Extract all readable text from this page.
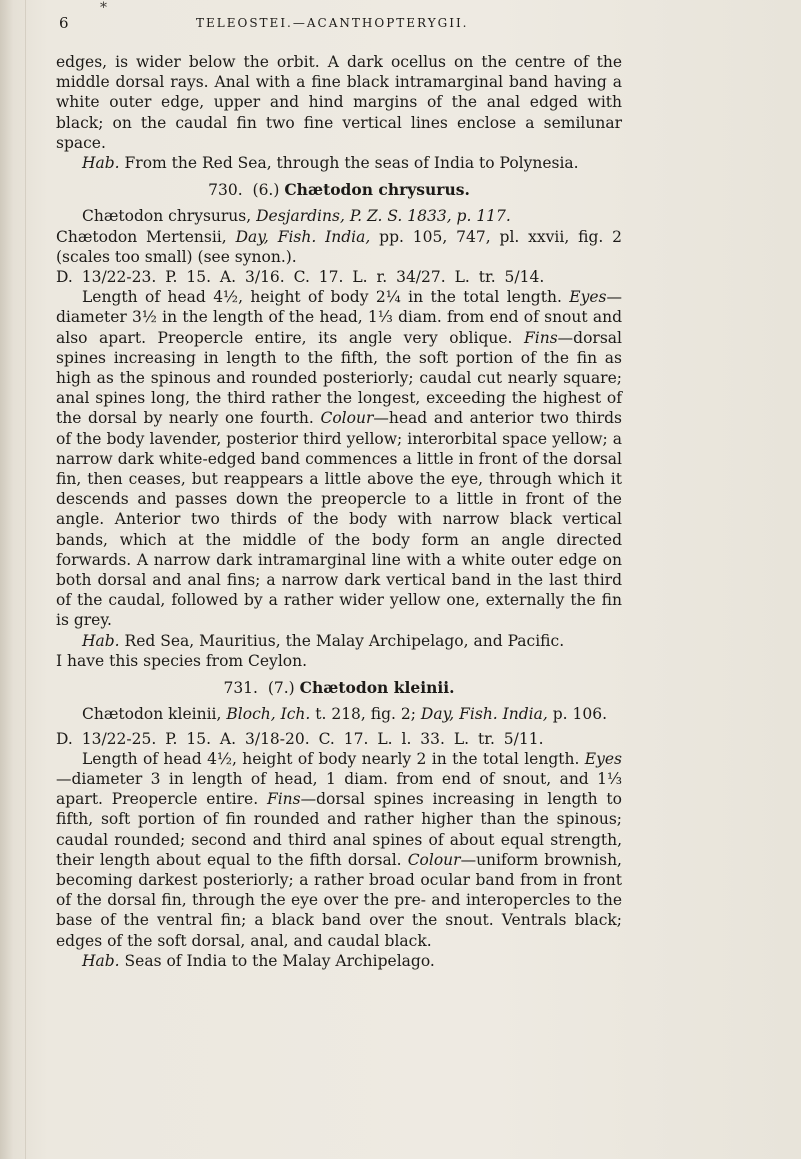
*
6	TELEOSTEI.—ACANTHOPTERYGII.

edges, is wider below the orbit. A dark ocellus on the centre of the middle dorsal rays. Anal with a fine black intramarginal band having a white outer edge, upper and hind margins of the anal edged with black; on the caudal fin two fine vertical lines enclose a semilunar space.

Hab. From the Red Sea, through the seas of India to Polynesia.

730. (6.) Chætodon chrysurus.

Chætodon chrysurus, Desjardins, P. Z. S. 1833, p. 117.

Chætodon Mertensii, Day, Fish. India, pp. 105, 747, pl. xxvii, fig. 2 (scales too small) (see synon.).

D. 13/22-23. P. 15. A. 3/16. C. 17. L. r. 34/27. L. tr. 5/14.

Length of head 4½, height of body 2¼ in the total length. Eyes—diameter 3½ in the length of the head, 1⅓ diam. from end of snout and also apart. Preopercle entire, its angle very oblique. Fins—dorsal spines increasing in length to the fifth, the soft portion of the fin as high as the spinous and rounded posteriorly; caudal cut nearly square; anal spines long, the third rather the longest, exceeding the highest of the dorsal by nearly one fourth. Colour—head and anterior two thirds of the body lavender, posterior third yellow; interorbital space yellow; a narrow dark white-edged band commences a little in front of the dorsal fin, then ceases, but reappears a little above the eye, through which it descends and passes down the preopercle to a little in front of the angle. Anterior two thirds of the body with narrow black vertical bands, which at the middle of the body form an angle directed forwards. A narrow dark intramarginal line with a white outer edge on both dorsal and anal fins; a narrow dark vertical band in the last third of the caudal, followed by a rather wider yellow one, externally the fin is grey.

Hab. Red Sea, Mauritius, the Malay Archipelago, and Pacific.

I have this species from Ceylon.

731. (7.) Chætodon kleinii.

Chætodon kleinii, Bloch, Ich. t. 218, fig. 2; Day, Fish. India, p. 106.

D. 13/22-25. P. 15. A. 3/18-20. C. 17. L. l. 33. L. tr. 5/11.

Length of head 4½, height of body nearly 2 in the total length. Eyes—diameter 3 in length of head, 1 diam. from end of snout, and 1⅓ apart. Preopercle entire. Fins—dorsal spines increasing in length to fifth, soft portion of fin rounded and rather higher than the spinous; caudal rounded; second and third anal spines of about equal strength, their length about equal to the fifth dorsal. Colour—uniform brownish, becoming darkest posteriorly; a rather broad ocular band from in front of the dorsal fin, through the eye over the pre- and interopercles to the base of the ventral fin; a black band over the snout. Ventrals black; edges of the soft dorsal, anal, and caudal black.

Hab. Seas of India to the Malay Archipelago.
